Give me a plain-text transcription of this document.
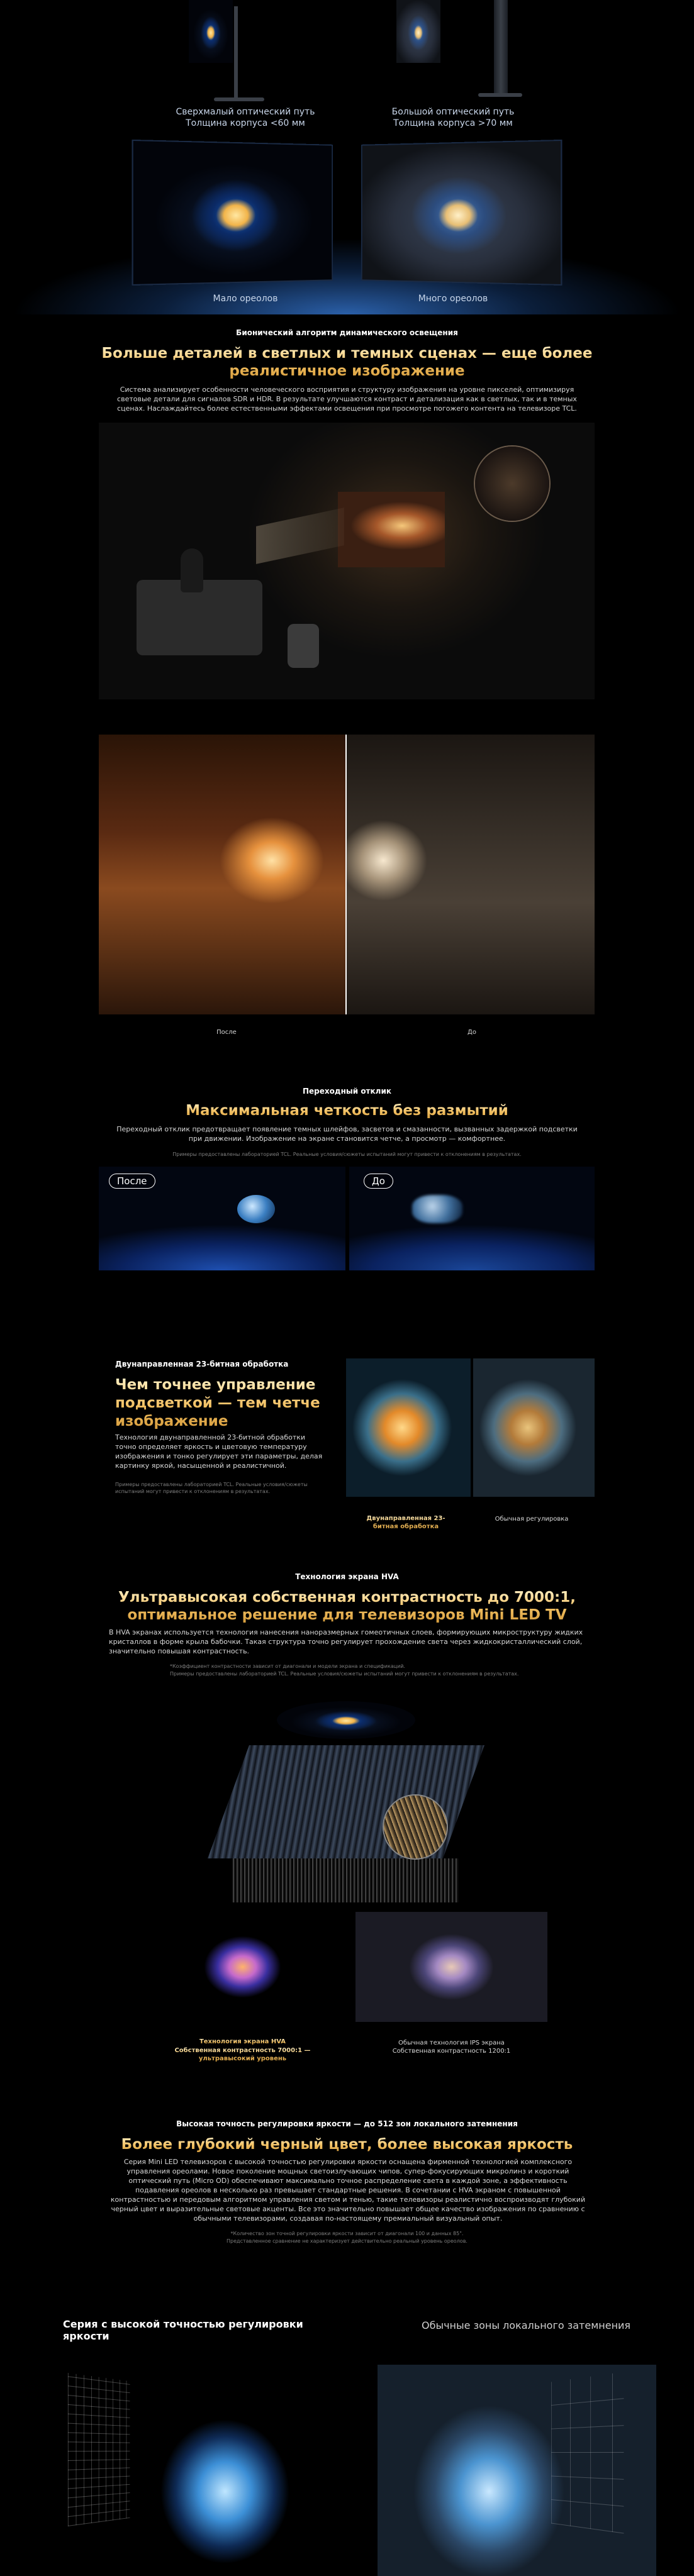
Сверхмалый оптический путь
Толщина корпуса <60 мм
Большой оптический путь
Толщина корпуса >70 мм
Мало ореолов	Много ореолов
Бионический алгоритм динамического освещения
Больше деталей в светлых и темных сценах — еще более реалистичное изображение
Система анализирует особенности человеческого восприятия и структуру изображения на уровне пикселей, оптимизируя световые детали для сигналов SDR и HDR. В результате улучшаются контраст и детализация как в светлых, так и в темных сценах. Наслаждайтесь более естественными эффектами освещения при просмотре погожего контента на телевизоре TCL.
После	До
Переходный отклик
Максимальная четкость без размытий
Переходный отклик предотвращает появление темных шлейфов, засветов и смазанности, вызванных задержкой подсветки при движении. Изображение на экране становится четче, а просмотр — комфортнее.
Примеры предоставлены лабораторией TCL. Реальные условия/сюжеты испытаний могут привести к отклонениям в результатах.
После	До
Двунаправленная 23-битная обработка
Чем точнее управление подсветкой — тем четче изображение
Технология двунаправленной 23-битной обработки точно определяет яркость и цветовую температуру изображения и тонко регулирует эти параметры, делая картинку яркой, насыщенной и реалистичной.
Примеры предоставлены лабораторией TCL. Реальные условия/сюжеты испытаний могут привести к отклонениям в результатах.
Двунаправленная 23-битная обработка
Обычная регулировка
Технология экрана HVA
Ультравысокая собственная контрастность до 7000:1, оптимальное решение для телевизоров Mini LED TV
В HVA экранах используется технология нанесения наноразмерных гомеотичных слоев, формирующих микроструктуру жидких кристаллов в форме крыла бабочки. Такая структура точно регулирует прохождение света через жидкокристаллический слой, значительно повышая контрастность.
*Коэффициент контрастности зависит от диагонали и модели экрана и спецификаций.
Примеры предоставлены лабораторией TCL. Реальные условия/сюжеты испытаний могут привести к отклонениям в результатах.
Технология экрана HVA
Собственная контрастность 7000:1 — ультравысокий уровень
Обычная технология IPS экрана
Собственная контрастность 1200:1
Высокая точность регулировки яркости — до 512 зон локального затемнения
Более глубокий черный цвет, более высокая яркость
Серия Mini LED телевизоров с высокой точностью регулировки яркости оснащена фирменной технологией комплексного управления ореолами. Новое поколение мощных светоизлучающих чипов, супер-фокусирующих микролинз и короткий оптический путь (Micro OD) обеспечивают максимально точное распределение света в каждой зоне, а эффективность подавления ореолов в несколько раз превышает стандартные решения. В сочетании с HVA экраном с повышенной контрастностью и передовым алгоритмом управления светом и тенью, такие телевизоры реалистично воспроизводят глубокий черный цвет и выразительные световые акценты. Все это значительно повышает общее качество изображения по сравнению с обычными телевизорами, создавая по-настоящему премиальный визуальный опыт.
*Количество зон точной регулировки яркости зависит от диагонали 100 и данных 85".
Представленное сравнение не характеризует действительно реальный уровень ореолов.
Серия с высокой точностью регулировки яркости
Обычные зоны локального затемнения
